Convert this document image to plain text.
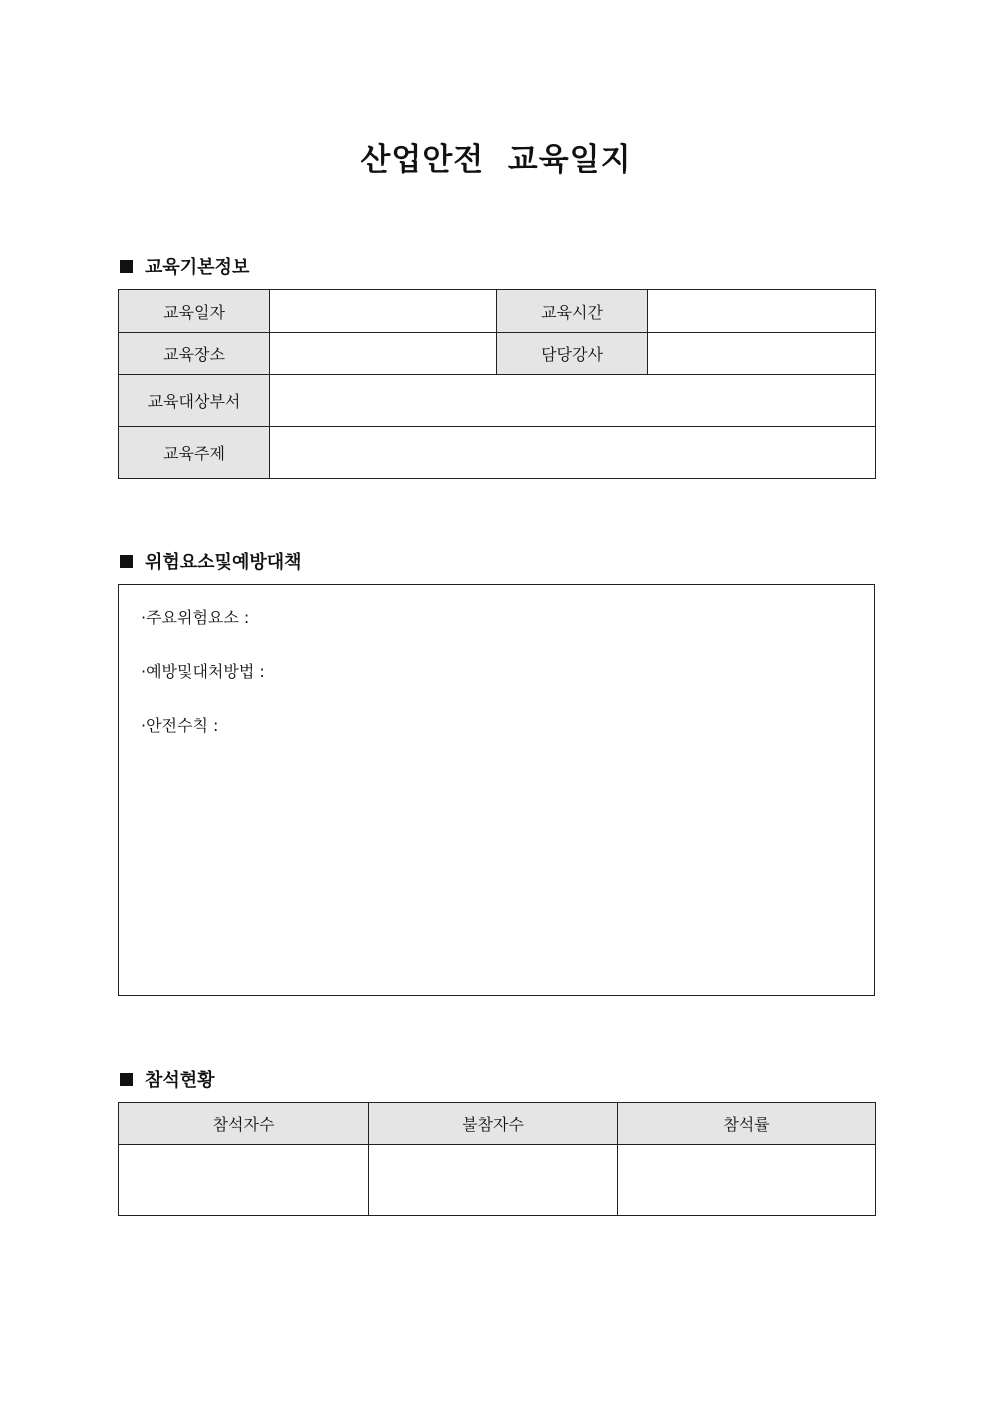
산업안전  교육일지
교육기본정보
교육일자		교육시간	
교육장소		담당강사	
교육대상부서			
교육주제			
위험요소및예방대책
·주요위험요소 :
·예방및대처방법 :
·안전수칙 :
참석현황
참석자수	불참자수	참석률
